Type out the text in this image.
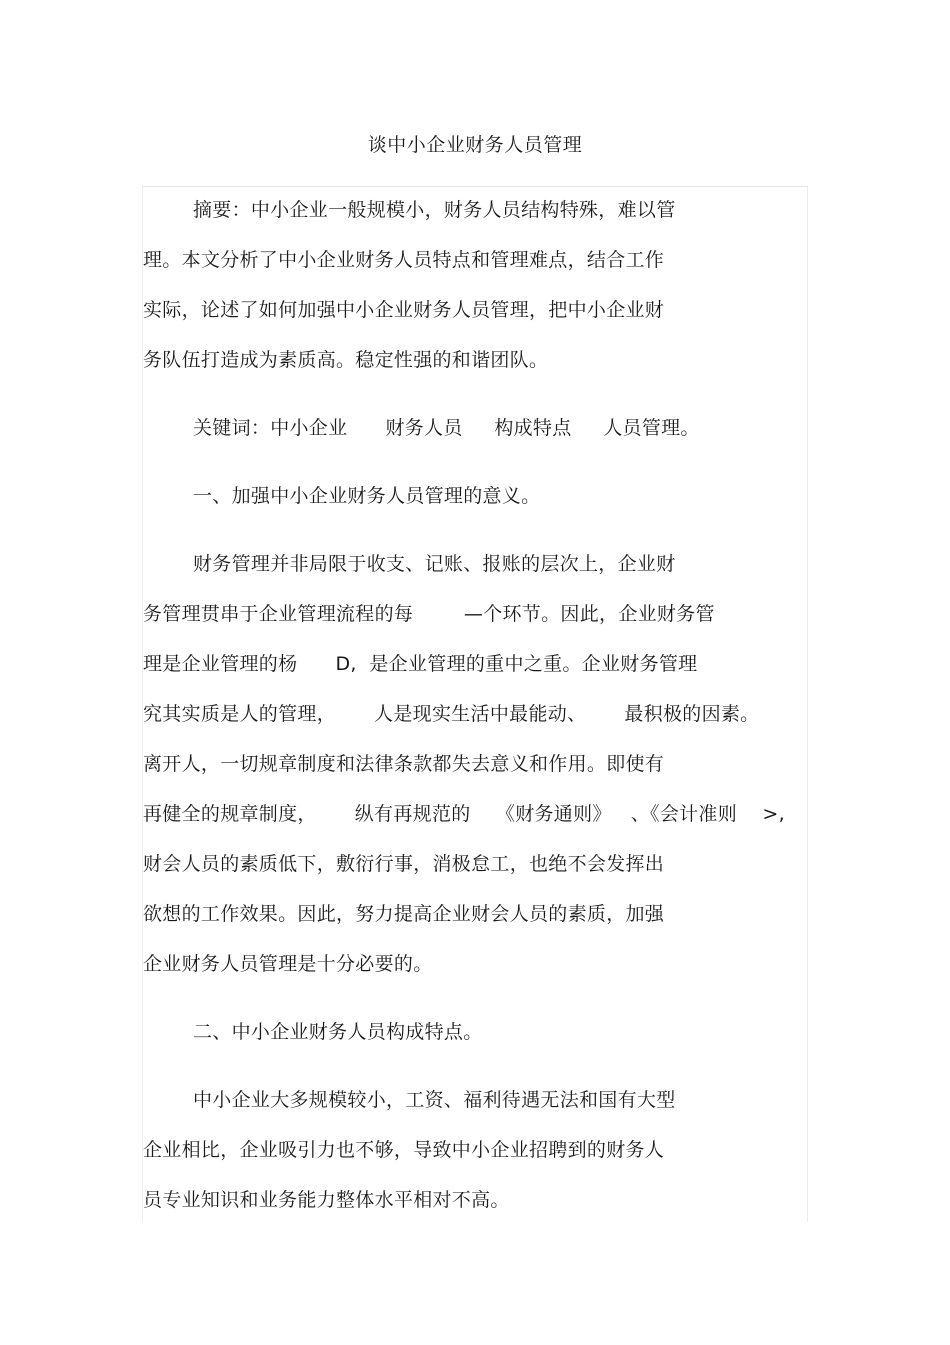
谈中小企业财务人员管理
摘要：中小企业一般规模小，财务人员结构特殊，难以管
理。本文分析了中小企业财务人员特点和管理难点，结合工作
实际，论述了如何加强中小企业财务人员管理，把中小企业财
务队伍打造成为素质高。稳定性强的和谐团队。
关键词：中小企业      财务人员     构成特点     人员管理。
一、加强中小企业财务人员管理的意义。
财务管理并非局限于收支、记账、报账的层次上，企业财
务管理贯串于企业管理流程的每        —个环节。因此，企业财务管
理是企业管理的杨      D,  是企业管理的重中之重。企业财务管理
究其实质是人的管理，      人是现实生活中最能动、      最积极的因素。
离开人，一切规章制度和法律条款都失去意义和作用。即使有
再健全的规章制度，      纵有再规范的    《财务通则》   、《会计准则    >,
财会人员的素质低下，敷衍行事，消极怠工，也绝不会发挥出
欲想的工作效果。因此，努力提高企业财会人员的素质，加强
企业财务人员管理是十分必要的。
二、中小企业财务人员构成特点。
中小企业大多规模较小，工资、福利待遇无法和国有大型
企业相比，企业吸引力也不够，导致中小企业招聘到的财务人
员专业知识和业务能力整体水平相对不高。
